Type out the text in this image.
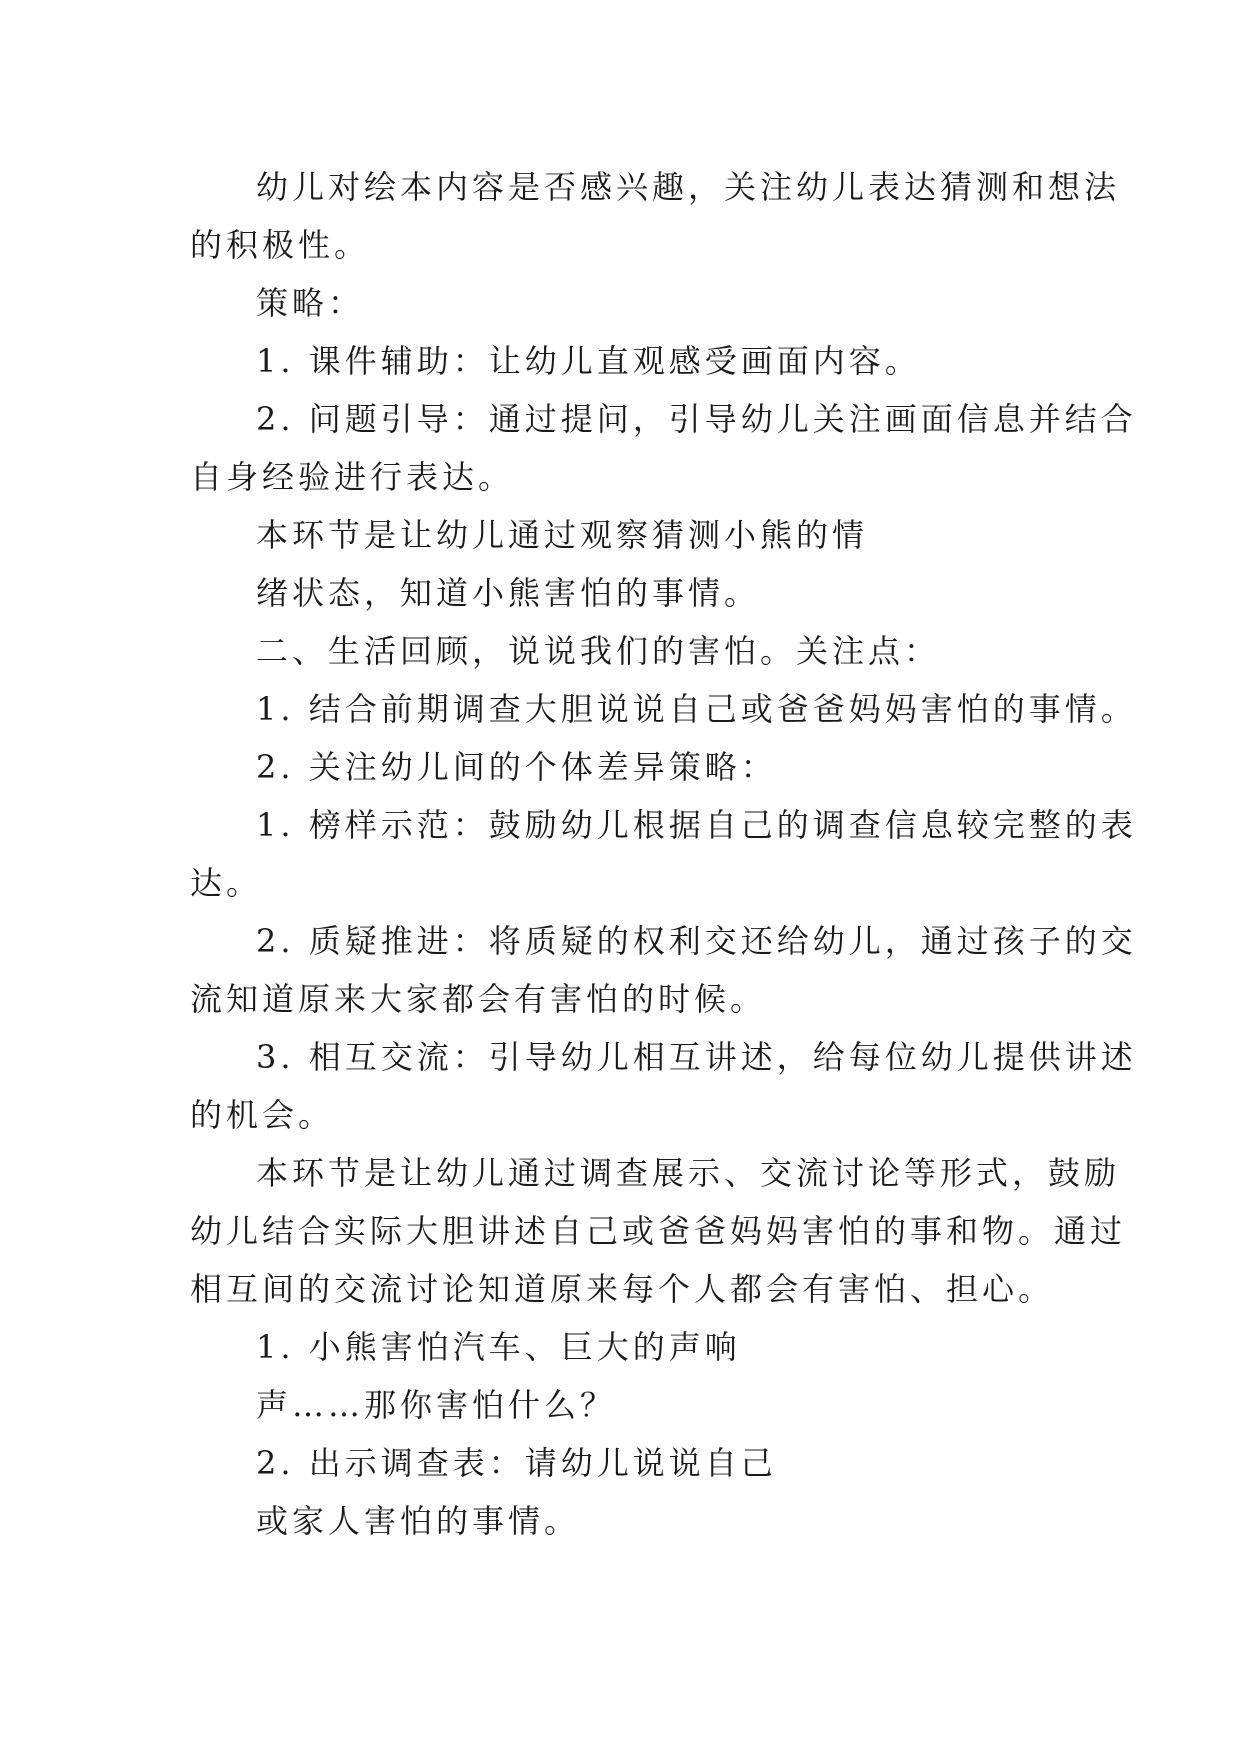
幼儿对绘本内容是否感兴趣，关注幼儿表达猜测和想法
的积极性。
策略：
1. 课件辅助：让幼儿直观感受画面内容。
2. 问题引导：通过提问，引导幼儿关注画面信息并结合
自身经验进行表达。
本环节是让幼儿通过观察猜测小熊的情
绪状态，知道小熊害怕的事情。
二、生活回顾，说说我们的害怕。关注点：
1. 结合前期调查大胆说说自己或爸爸妈妈害怕的事情。
2. 关注幼儿间的个体差异策略：
1. 榜样示范：鼓励幼儿根据自己的调查信息较完整的表
达。
2. 质疑推进：将质疑的权利交还给幼儿，通过孩子的交
流知道原来大家都会有害怕的时候。
3. 相互交流：引导幼儿相互讲述，给每位幼儿提供讲述
的机会。
本环节是让幼儿通过调查展示、交流讨论等形式，鼓励
幼儿结合实际大胆讲述自己或爸爸妈妈害怕的事和物。通过
相互间的交流讨论知道原来每个人都会有害怕、担心。
1. 小熊害怕汽车、巨大的声响
声……那你害怕什么？
2. 出示调查表：请幼儿说说自己
或家人害怕的事情。
